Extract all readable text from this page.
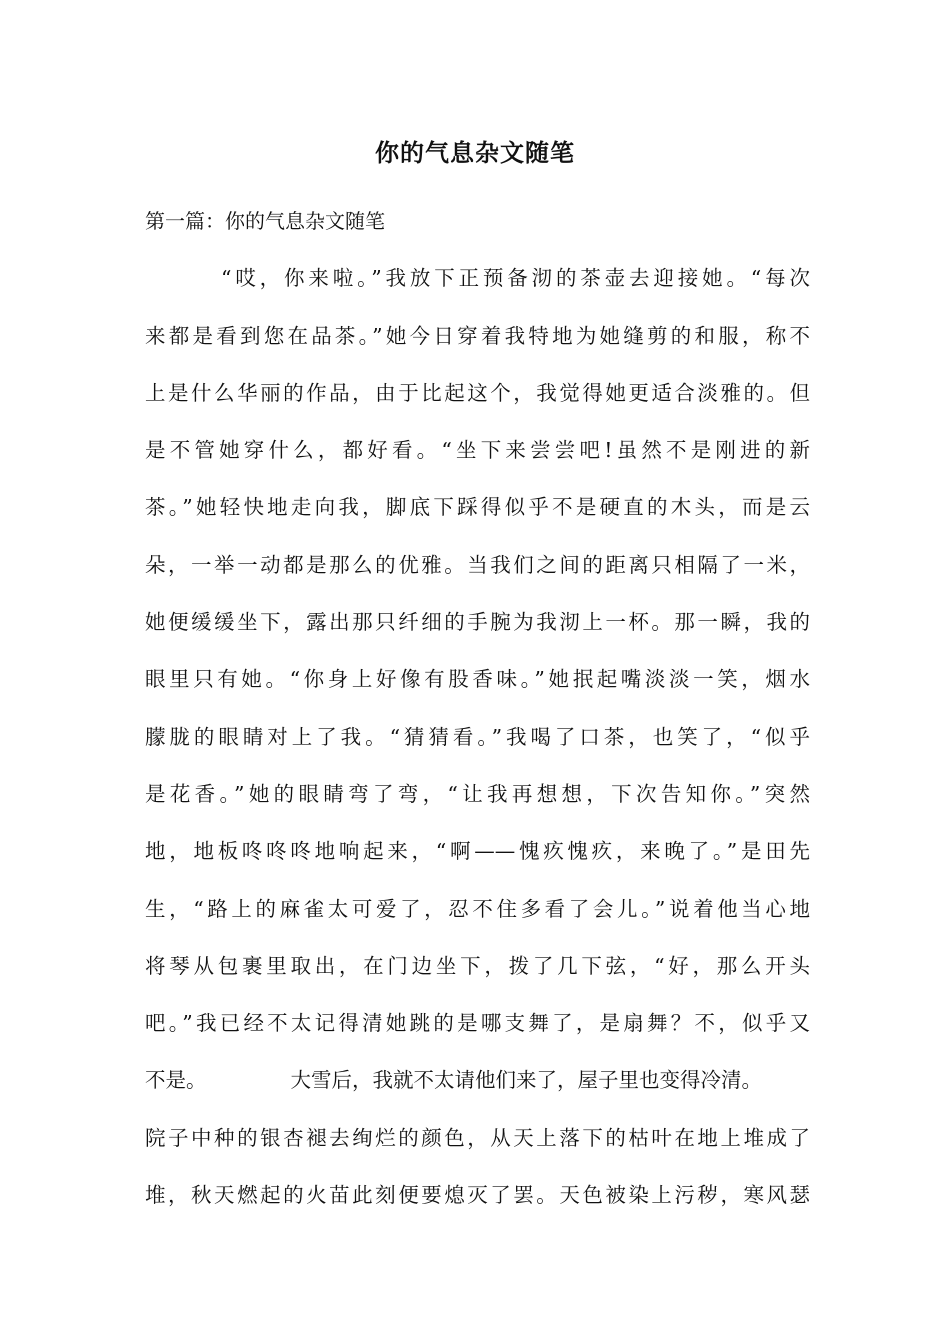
你的气息杂文随笔
第一篇：你的气息杂文随笔
“哎，你来啦。”我放下正预备沏的茶壶去迎接她。“每次
来都是看到您在品茶。”她今日穿着我特地为她缝剪的和服，称不
上是什么华丽的作品，由于比起这个，我觉得她更适合淡雅的。但
是不管她穿什么，都好看。“坐下来尝尝吧!虽然不是刚进的新
茶。”她轻快地走向我，脚底下踩得似乎不是硬直的木头，而是云
朵，一举一动都是那么的优雅。当我们之间的距离只相隔了一米，
她便缓缓坐下，露出那只纤细的手腕为我沏上一杯。那一瞬，我的
眼里只有她。“你身上好像有股香味。”她抿起嘴淡淡一笑，烟水
朦胧的眼睛对上了我。“猜猜看。”我喝了口茶，也笑了，“似乎
是花香。”她的眼睛弯了弯，“让我再想想，下次告知你。”突然
地，地板咚咚咚地响起来，“啊——愧疚愧疚，来晚了。”是田先
生，“路上的麻雀太可爱了，忍不住多看了会儿。”说着他当心地
将琴从包裹里取出，在门边坐下，拨了几下弦，“好，那么开头
吧。”我已经不太记得清她跳的是哪支舞了，是扇舞？不，似乎又
不是。	大雪后，我就不太请他们来了，屋子里也变得冷清。
院子中种的银杏褪去绚烂的颜色，从天上落下的枯叶在地上堆成了
堆，秋天燃起的火苗此刻便要熄灭了罢。天色被染上污秽，寒风瑟
